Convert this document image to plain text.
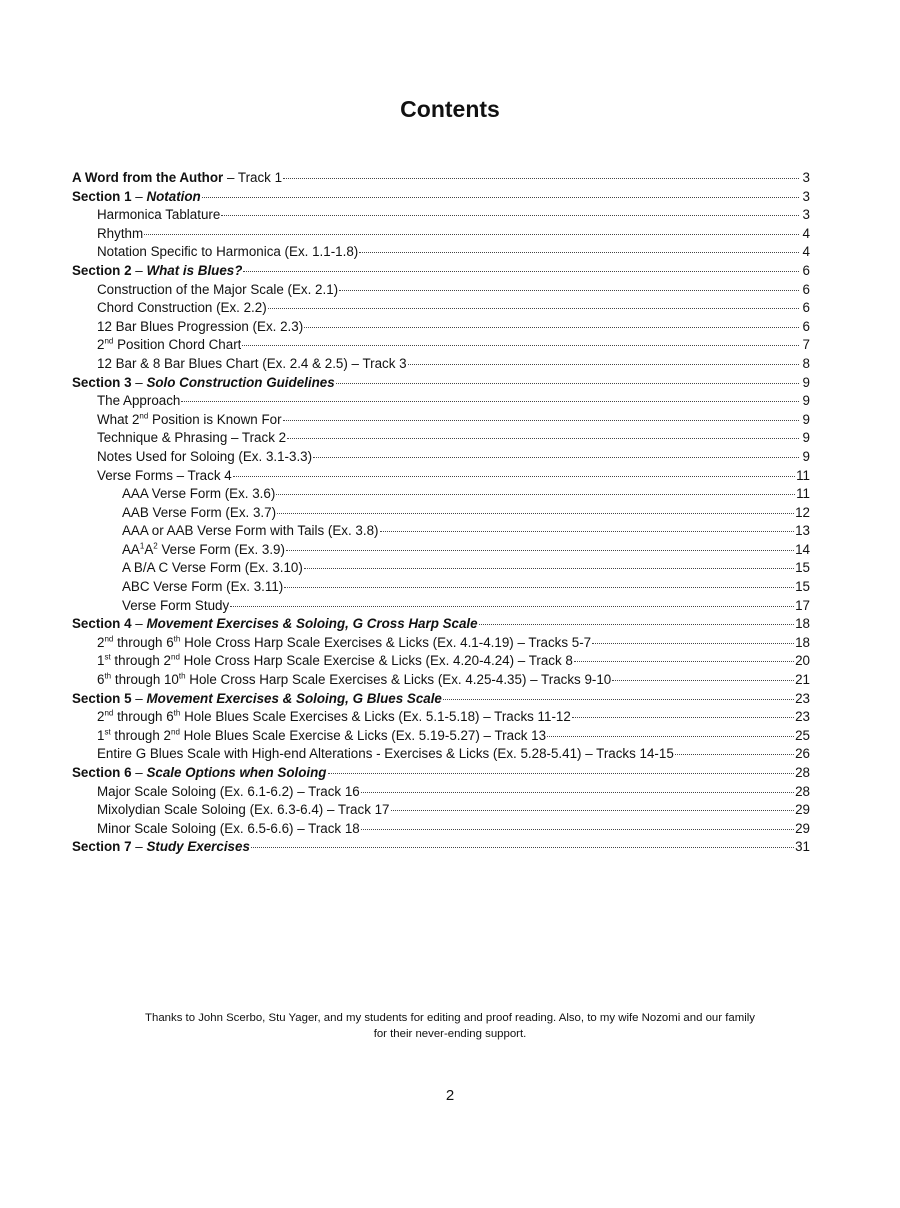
Contents
A Word from the Author – Track 1	3
Section 1 – Notation	3
Harmonica Tablature	3
Rhythm	4
Notation Specific to Harmonica (Ex. 1.1-1.8)	4
Section 2 – What is Blues?	6
Construction of the Major Scale (Ex. 2.1)	6
Chord Construction (Ex. 2.2)	6
12 Bar Blues Progression (Ex. 2.3)	6
2nd Position Chord Chart	7
12 Bar & 8 Bar Blues Chart (Ex. 2.4 & 2.5) – Track 3	8
Section 3 – Solo Construction Guidelines	9
The Approach	9
What 2nd Position is Known For	9
Technique & Phrasing – Track 2	9
Notes Used for Soloing (Ex. 3.1-3.3)	9
Verse Forms – Track 4	11
AAA Verse Form (Ex. 3.6)	11
AAB Verse Form (Ex. 3.7)	12
AAA or AAB Verse Form with Tails (Ex. 3.8)	13
$AA^1A^2$ Verse Form (Ex. 3.9)	14
A B/A C Verse Form (Ex. 3.10)	15
ABC Verse Form (Ex. 3.11)	15
Verse Form Study	17
Section 4 – Movement Exercises & Soloing, G Cross Harp Scale	18
2nd through 6th Hole Cross Harp Scale Exercises & Licks (Ex. 4.1-4.19) – Tracks 5-7	18
1st through 2nd Hole Cross Harp Scale Exercise & Licks (Ex. 4.20-4.24) – Track 8	20
6th through 10th Hole Cross Harp Scale Exercises & Licks (Ex. 4.25-4.35) – Tracks 9-10	21
Section 5 – Movement Exercises & Soloing, G Blues Scale	23
2nd through 6th Hole Blues Scale Exercises & Licks (Ex. 5.1-5.18) – Tracks 11-12	23
1st through 2nd Hole Blues Scale Exercise & Licks (Ex. 5.19-5.27) – Track 13	25
Entire G Blues Scale with High-end Alterations - Exercises & Licks (Ex. 5.28-5.41) – Tracks 14-15	26
Section 6 – Scale Options when Soloing	28
Major Scale Soloing (Ex. 6.1-6.2) – Track 16	28
Mixolydian Scale Soloing (Ex. 6.3-6.4) – Track 17	29
Minor Scale Soloing (Ex. 6.5-6.6) – Track 18	29
Section 7 – Study Exercises	31
Thanks to John Scerbo, Stu Yager, and my students for editing and proof reading. Also, to my wife Nozomi and our family
for their never-ending support.
2
